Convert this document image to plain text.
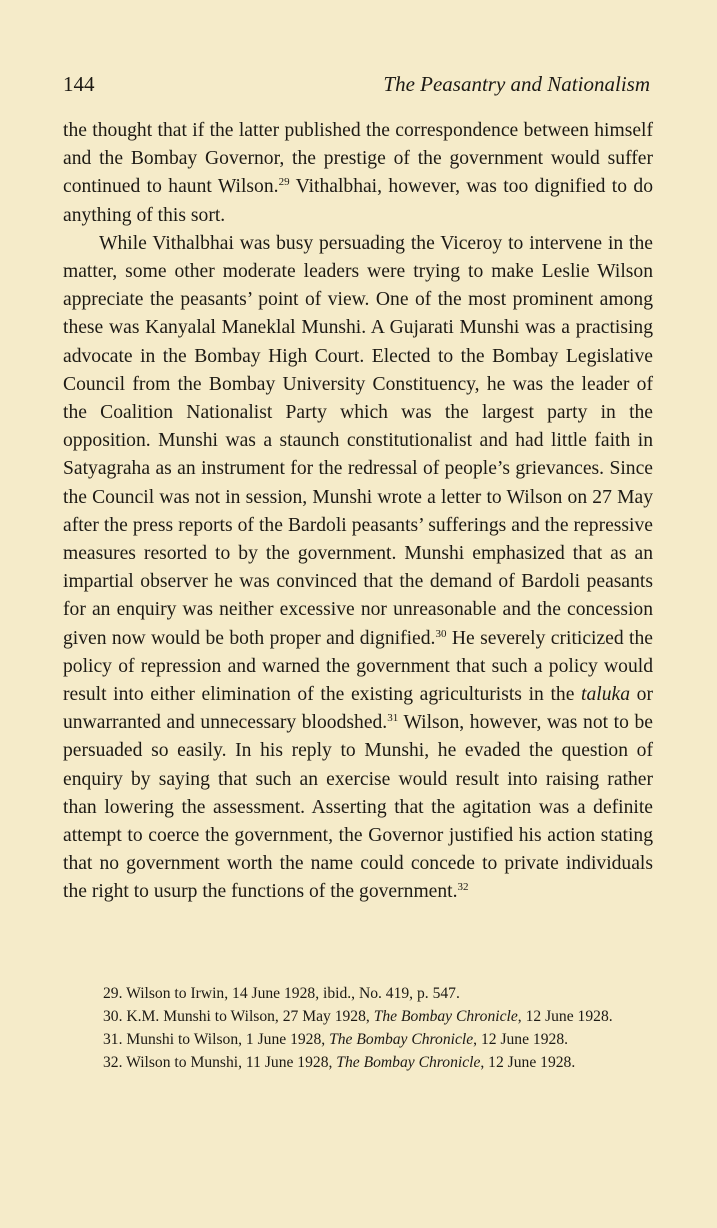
144	The Peasantry and Nationalism

the thought that if the latter published the correspondence between himself and the Bombay Governor, the prestige of the government would suffer continued to haunt Wilson.$^{29}$ Vithalbhai, however, was too dignified to do anything of this sort.

While Vithalbhai was busy persuading the Viceroy to intervene in the matter, some other moderate leaders were trying to make Leslie Wilson appreciate the peasants’ point of view. One of the most prominent among these was Kanyalal Maneklal Munshi. A Gujarati Munshi was a practising advocate in the Bombay High Court. Elected to the Bombay Legislative Council from the Bombay University Constituency, he was the leader of the Coalition Nationalist Party which was the largest party in the opposition. Munshi was a staunch constitutionalist and had little faith in Satyagraha as an instrument for the redressal of people’s grievances. Since the Council was not in session, Munshi wrote a letter to Wilson on 27 May after the press reports of the Bardoli peasants’ sufferings and the repressive measures resorted to by the government. Munshi emphasized that as an impartial observer he was convinced that the demand of Bardoli peasants for an enquiry was neither excessive nor unreasonable and the concession given now would be both proper and dignified.$^{30}$ He severely criticized the policy of repression and warned the government that such a policy would result into either elimination of the existing agriculturists in the taluka or unwarranted and unnecessary bloodshed.$^{31}$ Wilson, however, was not to be persuaded so easily. In his reply to Munshi, he evaded the question of enquiry by saying that such an exercise would result into raising rather than lowering the assessment. Asserting that the agitation was a definite attempt to coerce the government, the Governor justified his action stating that no government worth the name could concede to private individuals the right to usurp the functions of the government.$^{32}$

29. Wilson to Irwin, 14 June 1928, ibid., No. 419, p. 547.

30. K.M. Munshi to Wilson, 27 May 1928, The Bombay Chronicle, 12 June 1928.

31. Munshi to Wilson, 1 June 1928, The Bombay Chronicle, 12 June 1928.

32. Wilson to Munshi, 11 June 1928, The Bombay Chronicle, 12 June 1928.
